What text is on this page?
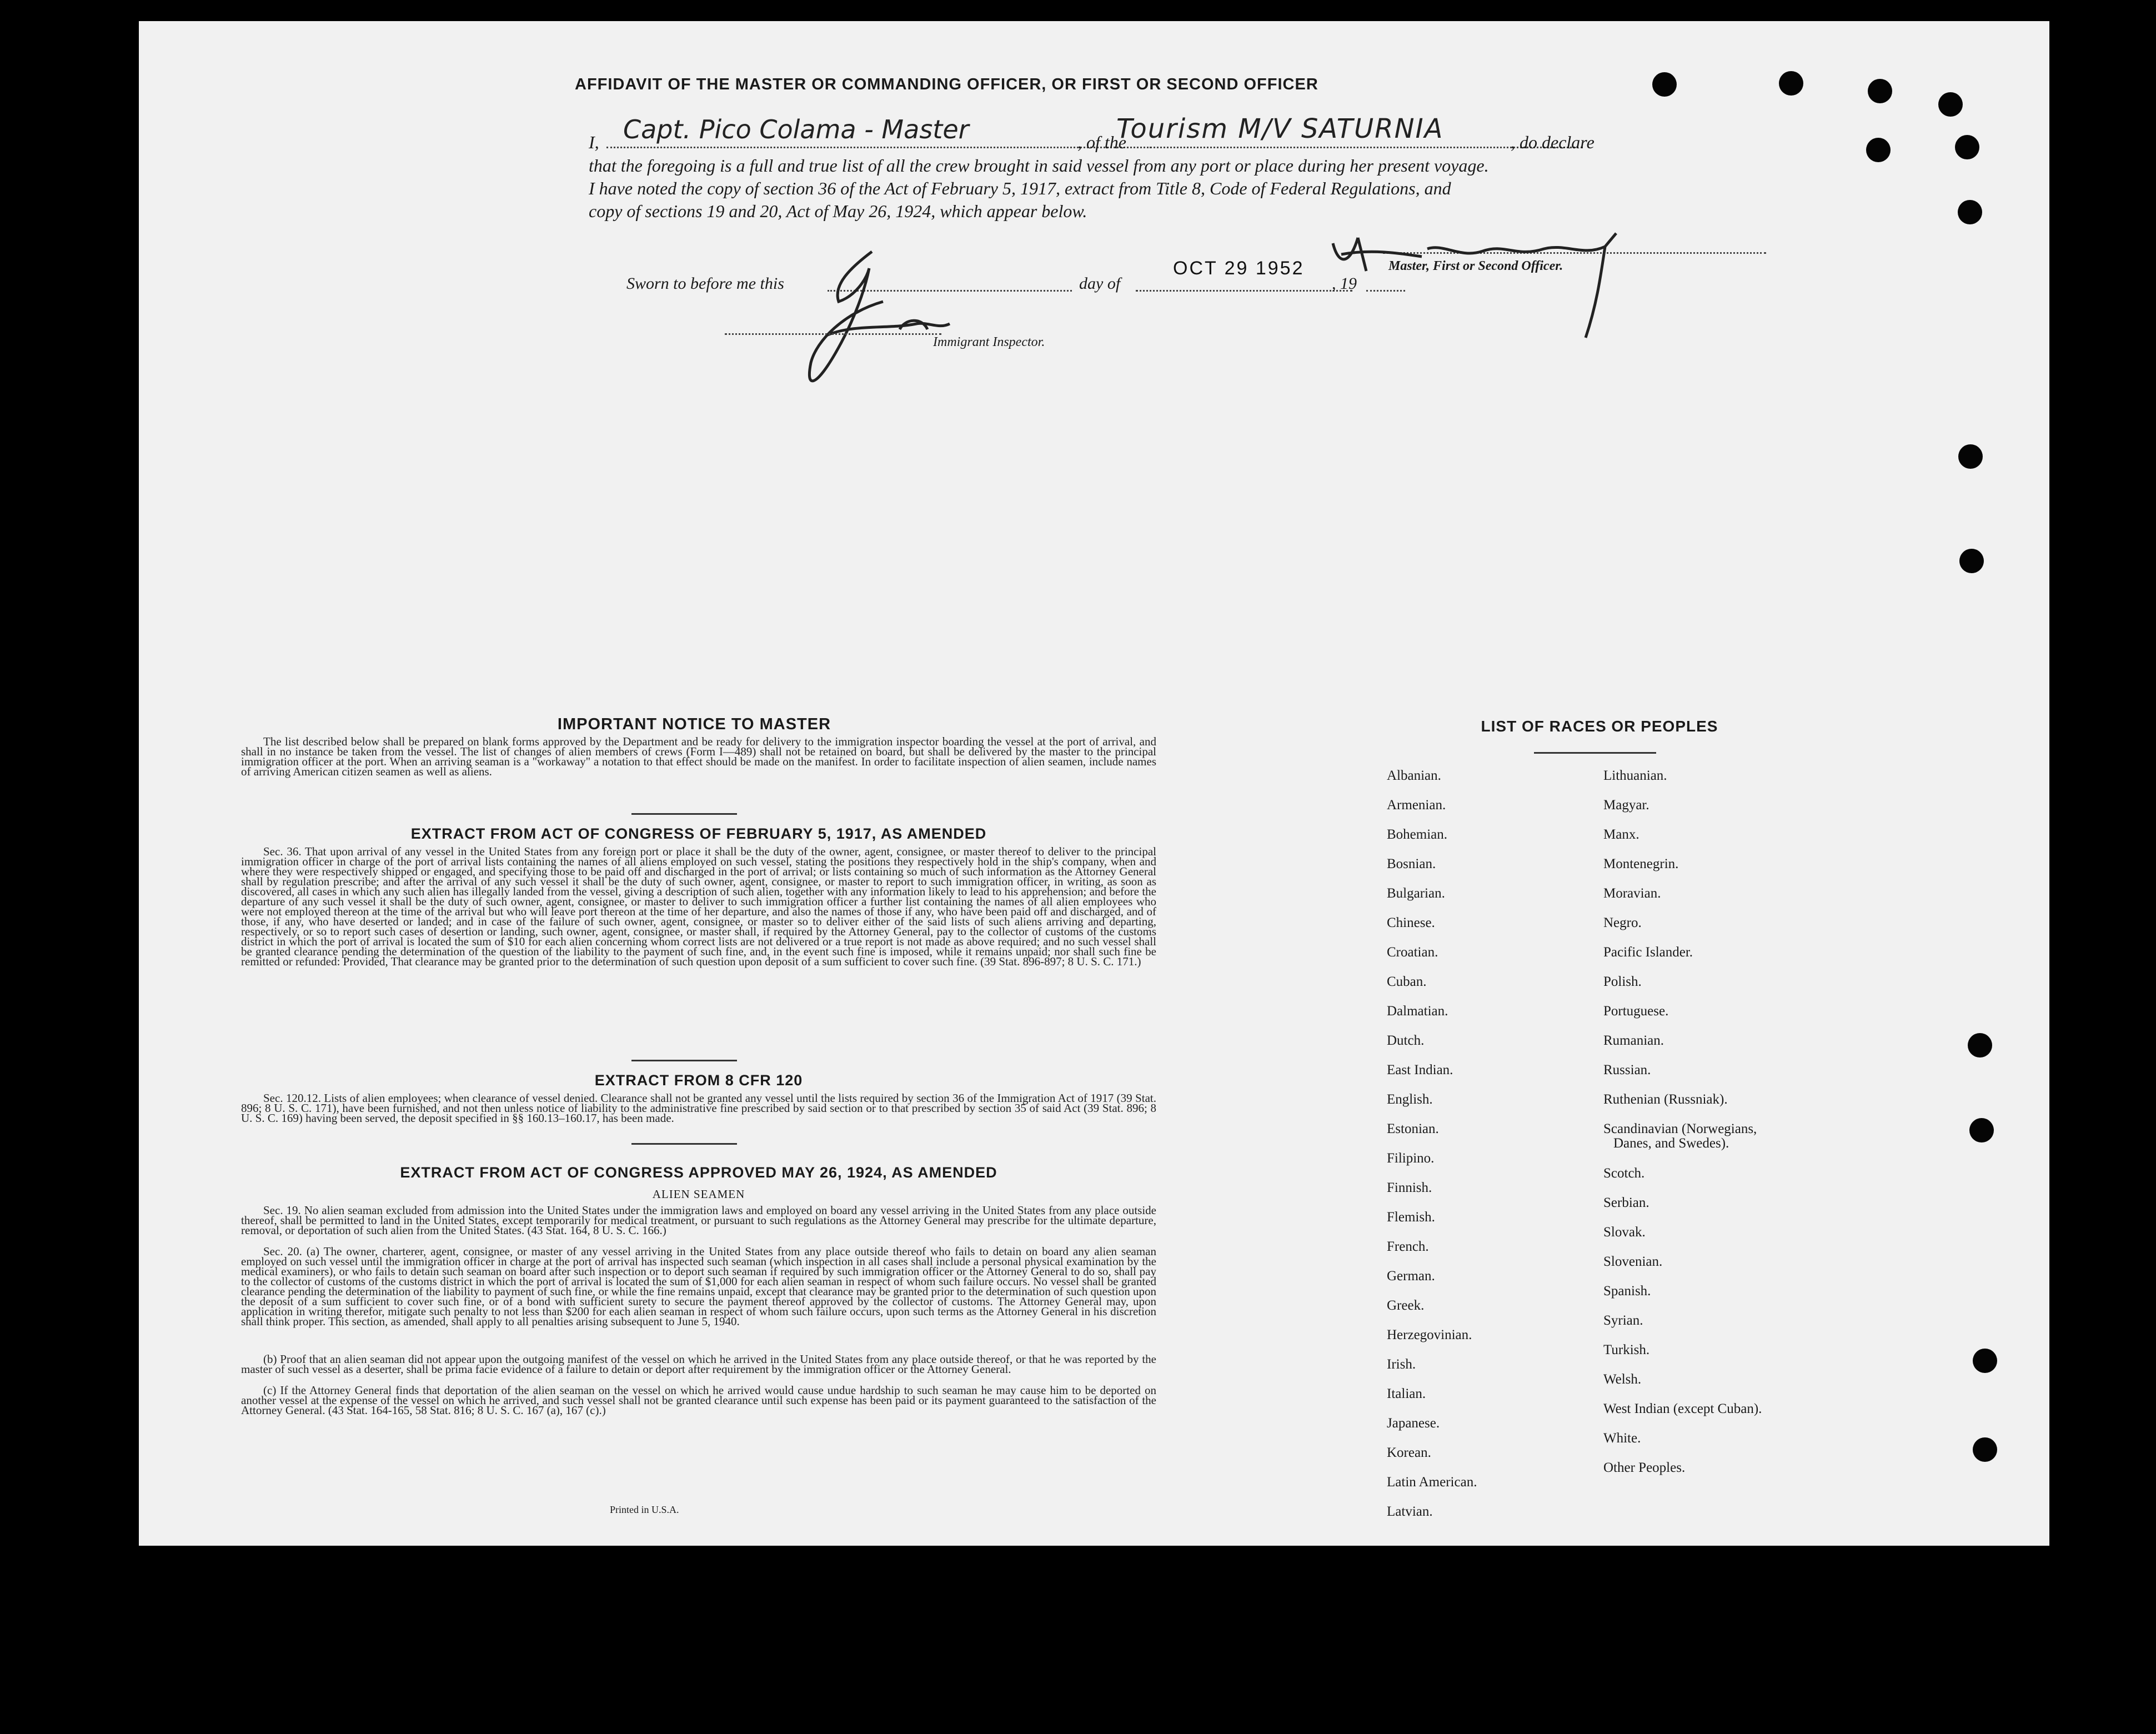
AFFIDAVIT OF THE MASTER OR COMMANDING OFFICER, OR FIRST OR SECOND OFFICER
I, Capt. Pico Colama - Master	, of the
Tourism M/V SATURNIA	, do declare
that the foregoing is a full and true list of all the crew brought in said vessel from any port or place during her present voyage.
I have noted the copy of section 36 of the Act of February 5, 1917, extract from Title 8, Code of Federal Regulations, and
copy of sections 19 and 20, Act of May 26, 1924, which appear below.
Master, First or Second Officer.
Sworn to before me this	day of
OCT 29 1952
, 19
Immigrant Inspector.
IMPORTANT NOTICE TO MASTER
The list described below shall be prepared on blank forms approved by the Department and be ready for delivery to the immigration inspector boarding the vessel at the port of arrival, and shall in no instance be taken from the vessel. The list of changes of alien members of crews (Form I—489) shall not be retained on board, but shall be delivered by the master to the principal immigration officer at the port. When an arriving seaman is a "workaway" a notation to that effect should be made on the manifest. In order to facilitate inspection of alien seamen, include names of arriving American citizen seamen as well as aliens.
EXTRACT FROM ACT OF CONGRESS OF FEBRUARY 5, 1917, AS AMENDED
Sec. 36. That upon arrival of any vessel in the United States from any foreign port or place it shall be the duty of the owner, agent, consignee, or master thereof to deliver to the principal immigration officer in charge of the port of arrival lists containing the names of all aliens employed on such vessel, stating the positions they respectively hold in the ship's company, when and where they were respectively shipped or engaged, and specifying those to be paid off and discharged in the port of arrival; or lists containing so much of such information as the Attorney General shall by regulation prescribe; and after the arrival of any such vessel it shall be the duty of such owner, agent, consignee, or master to report to such immigration officer, in writing, as soon as discovered, all cases in which any such alien has illegally landed from the vessel, giving a description of such alien, together with any information likely to lead to his apprehension; and before the departure of any such vessel it shall be the duty of such owner, agent, consignee, or master to deliver to such immigration officer a further list containing the names of all alien employees who were not employed thereon at the time of the arrival but who will leave port thereon at the time of her departure, and also the names of those if any, who have been paid off and discharged, and of those, if any, who have deserted or landed; and in case of the failure of such owner, agent, consignee, or master so to deliver either of the said lists of such aliens arriving and departing, respectively, or so to report such cases of desertion or landing, such owner, agent, consignee, or master shall, if required by the Attorney General, pay to the collector of customs of the customs district in which the port of arrival is located the sum of $10 for each alien concerning whom correct lists are not delivered or a true report is not made as above required; and no such vessel shall be granted clearance pending the determination of the question of the liability to the payment of such fine, and, in the event such fine is imposed, while it remains unpaid; nor shall such fine be remitted or refunded: Provided, That clearance may be granted prior to the determination of such question upon deposit of a sum sufficient to cover such fine. (39 Stat. 896-897; 8 U. S. C. 171.)
EXTRACT FROM 8 CFR 120
Sec. 120.12. Lists of alien employees; when clearance of vessel denied. Clearance shall not be granted any vessel until the lists required by section 36 of the Immigration Act of 1917 (39 Stat. 896; 8 U. S. C. 171), have been furnished, and not then unless notice of liability to the administrative fine prescribed by said section or to that prescribed by section 35 of said Act (39 Stat. 896; 8 U. S. C. 169) having been served, the deposit specified in §§ 160.13–160.17, has been made.
EXTRACT FROM ACT OF CONGRESS APPROVED MAY 26, 1924, AS AMENDED
ALIEN SEAMEN
Sec. 19. No alien seaman excluded from admission into the United States under the immigration laws and employed on board any vessel arriving in the United States from any place outside thereof, shall be permitted to land in the United States, except temporarily for medical treatment, or pursuant to such regulations as the Attorney General may prescribe for the ultimate departure, removal, or deportation of such alien from the United States. (43 Stat. 164, 8 U. S. C. 166.)
Sec. 20. (a) The owner, charterer, agent, consignee, or master of any vessel arriving in the United States from any place outside thereof who fails to detain on board any alien seaman employed on such vessel until the immigration officer in charge at the port of arrival has inspected such seaman (which inspection in all cases shall include a personal physical examination by the medical examiners), or who fails to detain such seaman on board after such inspection or to deport such seaman if required by such immigration officer or the Attorney General to do so, shall pay to the collector of customs of the customs district in which the port of arrival is located the sum of $1,000 for each alien seaman in respect of whom such failure occurs. No vessel shall be granted clearance pending the determination of the liability to payment of such fine, or while the fine remains unpaid, except that clearance may be granted prior to the determination of such question upon the deposit of a sum sufficient to cover such fine, or of a bond with sufficient surety to secure the payment thereof approved by the collector of customs. The Attorney General may, upon application in writing therefor, mitigate such penalty to not less than $200 for each alien seaman in respect of whom such failure occurs, upon such terms as the Attorney General in his discretion shall think proper. This section, as amended, shall apply to all penalties arising subsequent to June 5, 1940.
(b) Proof that an alien seaman did not appear upon the outgoing manifest of the vessel on which he arrived in the United States from any place outside thereof, or that he was reported by the master of such vessel as a deserter, shall be prima facie evidence of a failure to detain or deport after requirement by the immigration officer or the Attorney General.
(c) If the Attorney General finds that deportation of the alien seaman on the vessel on which he arrived would cause undue hardship to such seaman he may cause him to be deported on another vessel at the expense of the vessel on which he arrived, and such vessel shall not be granted clearance until such expense has been paid or its payment guaranteed to the satisfaction of the Attorney General. (43 Stat. 164-165, 58 Stat. 816; 8 U. S. C. 167 (a), 167 (c).)
Printed in U.S.A.
LIST OF RACES OR PEOPLES
Albanian.
Armenian.
Bohemian.
Bosnian.
Bulgarian.
Chinese.
Croatian.
Cuban.
Dalmatian.
Dutch.
East Indian.
English.
Estonian.
Filipino.
Finnish.
Flemish.
French.
German.
Greek.
Herzegovinian.
Irish.
Italian.
Japanese.
Korean.
Latin American.
Latvian.
Lithuanian.
Magyar.
Manx.
Montenegrin.
Moravian.
Negro.
Pacific Islander.
Polish.
Portuguese.
Rumanian.
Russian.
Ruthenian (Russniak).
Scandinavian (Norwegians,
Danes, and Swedes).
Scotch.
Serbian.
Slovak.
Slovenian.
Spanish.
Syrian.
Turkish.
Welsh.
West Indian (except Cuban).
White.
Other Peoples.
